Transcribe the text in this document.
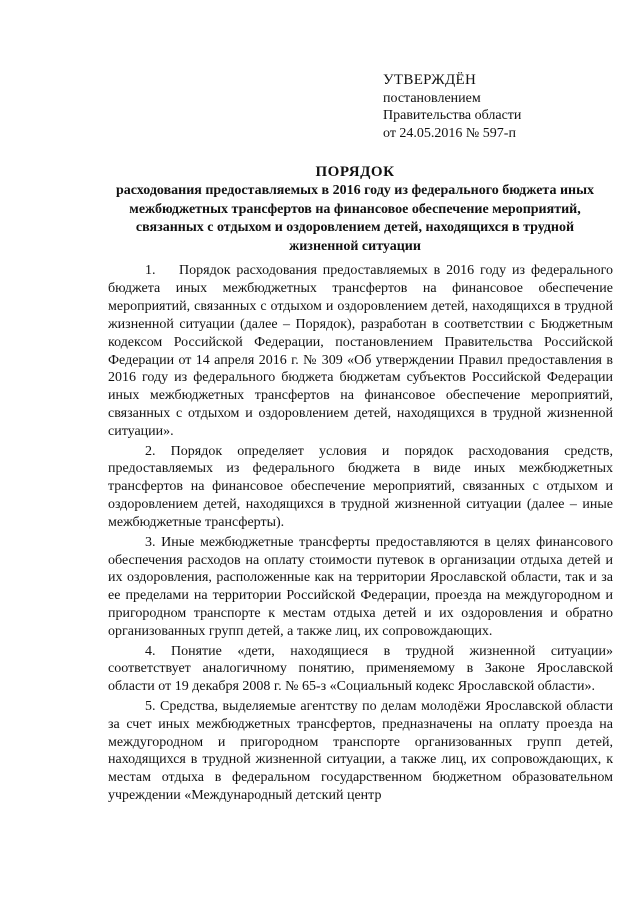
УТВЕРЖДЁН
постановлением
Правительства области
от 24.05.2016 № 597-п
ПОРЯДОК
расходования предоставляемых в 2016 году из федерального бюджета иных межбюджетных трансфертов на финансовое обеспечение мероприятий, связанных с отдыхом и оздоровлением детей, находящихся в трудной жизненной ситуации

1.    Порядок расходования предоставляемых в 2016 году из федерального бюджета иных межбюджетных трансфертов на финансовое обеспечение мероприятий, связанных с отдыхом и оздоровлением детей, находящихся в трудной жизненной ситуации (далее – Порядок), разработан в соответствии с Бюджетным кодексом Российской Федерации, постановлением Правительства Российской Федерации от 14 апреля 2016 г. № 309 «Об утверждении Правил предоставления в 2016 году из федерального бюджета бюджетам субъектов Российской Федерации иных межбюджетных трансфертов на финансовое обеспечение мероприятий, связанных с отдыхом и оздоровлением детей, находящихся в трудной жизненной ситуации».

2. Порядок определяет условия и порядок расходования средств, предоставляемых из федерального бюджета в виде иных межбюджетных трансфертов на финансовое обеспечение мероприятий, связанных с отдыхом и оздоровлением детей, находящихся в трудной жизненной ситуации (далее – иные межбюджетные трансферты).

3. Иные межбюджетные трансферты предоставляются в целях финансового обеспечения расходов на оплату стоимости путевок в организации отдыха детей и их оздоровления, расположенные как на территории Ярославской области, так и за ее пределами на территории Российской Федерации, проезда на междугородном и пригородном транспорте к местам отдыха детей и их оздоровления и обратно организованных групп детей, а также лиц, их сопровождающих.

4. Понятие «дети, находящиеся в трудной жизненной ситуации» соответствует аналогичному понятию, применяемому в Законе Ярославской области от 19 декабря 2008 г. № 65-з «Социальный кодекс Ярославской области».

5. Средства, выделяемые агентству по делам молодёжи Ярославской области за счет иных межбюджетных трансфертов, предназначены на оплату проезда на междугородном и пригородном транспорте организованных групп детей, находящихся в трудной жизненной ситуации, а также лиц, их сопровождающих, к местам отдыха в федеральном государственном бюджетном образовательном учреждении «Международный детский центр
